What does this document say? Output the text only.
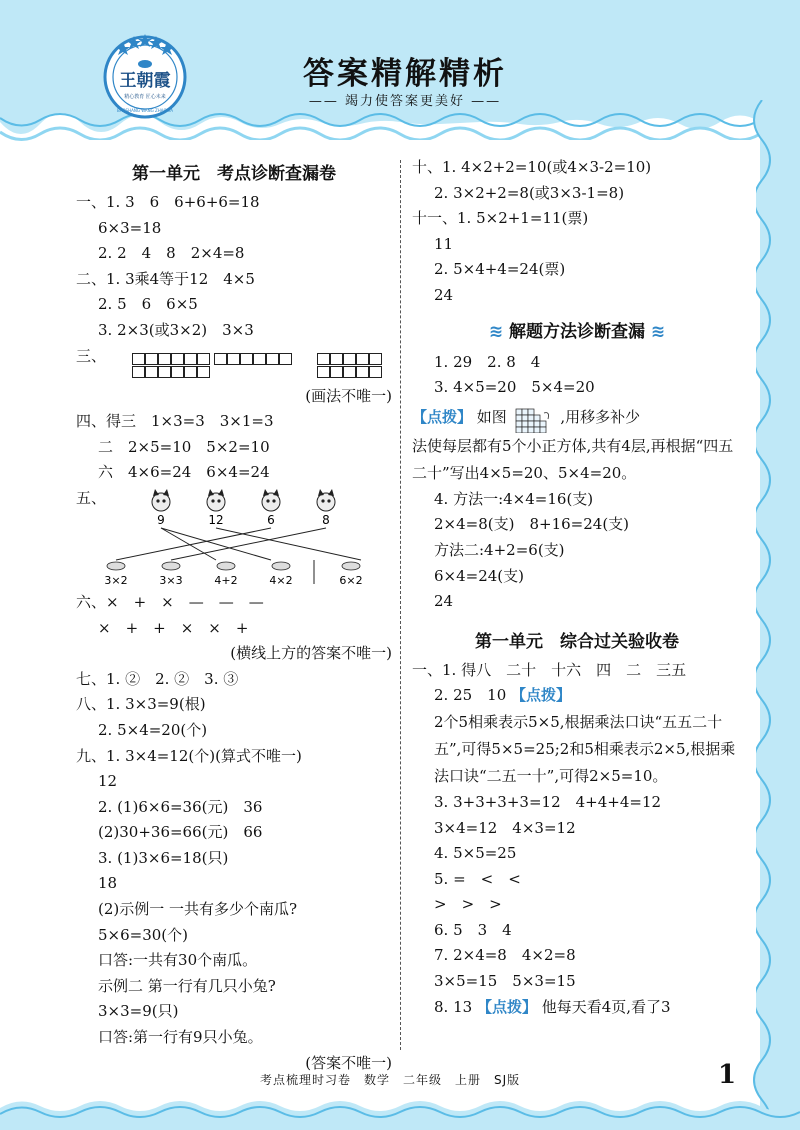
王朝霞
精心教育 匠心未来
BAOSHANG WANG ZHAOXIA
答案精解精析
—— 竭力使答案更美好 ——
第一单元　考点诊断查漏卷
一、1. 3　6　6+6+6=18
6×3=18
2. 2　4　8　2×4=8
二、1. 3乘4等于12　4×5
2. 5　6　6×5
3. 2×3(或3×2)　3×3
三、

(画法不唯一)
四、得三　1×3=3　3×1=3
二　2×5=10　5×2=10
六　4×6=24　6×4=24
五、
9	12	6	8
3×2	3×3	4+2	4×2	6×2
六、×　+　×　—　—　—
×　+　+　×　×　+
(横线上方的答案不唯一)
七、1. ②　2. ②　3. ③
八、1. 3×3=9(根)
2. 5×4=20(个)
九、1. 3×4=12(个)(算式不唯一)
12
2. (1)6×6=36(元)　36
(2)30+36=66(元)　66
3. (1)3×6=18(只)
18
(2)示例一 一共有多少个南瓜?
5×6=30(个)
口答:一共有30个南瓜。
示例二 第一行有几只小兔?
3×3=9(只)
口答:第一行有9只小兔。
(答案不唯一)
十、1. 4×2+2=10(或4×3-2=10)
2. 3×2+2=8(或3×3-1=8)
十一、1. 5×2+1=11(票)
11
2. 5×4+4=24(票)
24
≋ 解题方法诊断查漏 ≋
1. 29　2. 8　4
3. 4×5=20　5×4=20
【点拨】 如图	,用移多补少
法使每层都有5个小正方体,共有4层,再根据“四五二十”写出4×5=20、5×4=20。
4. 方法一:4×4=16(支)
2×4=8(支)　8+16=24(支)
方法二:4+2=6(支)
6×4=24(支)
24
第一单元　综合过关验收卷
一、1. 得八　二十　十六　四　二　三五
2. 25　10 【点拨】
2个5相乘表示5×5,根据乘法口诀“五五二十五”,可得5×5=25;2和5相乘表示2×5,根据乘法口诀“二五一十”,可得2×5=10。
3. 3+3+3+3=12　4+4+4=12
3×4=12　4×3=12
4. 5×5=25
5. =　<　<
>　>　>
6. 5　3　4
7. 2×4=8　4×2=8
3×5=15　5×3=15
8. 13 【点拨】 他每天看4页,看了3
考点梳理时习卷　数学　二年级　上册　SJ版	1
